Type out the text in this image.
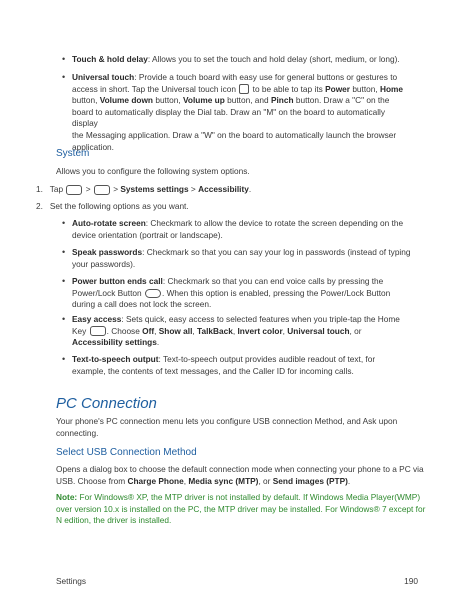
• Touch & hold delay: Allows you to set the touch and hold delay (short, medium, or long).
• Universal touch: Provide a touch board with easy use for general buttons or gestures to
access in short. Tap the Universal touch icon to be able to tap its Power button, Home
button, Volume down button, Volume up button, and Pinch button. Draw a "C" on the
board to automatically display the Dial tab. Draw an "M" on the board to automatically display
the Messaging application. Draw a "W" on the board to automatically launch the browser
application.
System
Allows you to configure the following system options.
1. Tap	>	> Systems settings > Accessibility.
2. Set the following options as you want.
• Auto-rotate screen: Checkmark to allow the device to rotate the screen depending on the
device orientation (portrait or landscape).
• Speak passwords: Checkmark so that you can say your log in passwords (instead of typing
your passwords).
• Power button ends call: Checkmark so that you can end voice calls by pressing the
Power/Lock Button . When this option is enabled, pressing the Power/Lock Button
during a call does not lock the screen.
• Easy access: Sets quick, easy access to selected features when you triple-tap the Home
Key . Choose Off, Show all, TalkBack, Invert color, Universal touch, or
Accessibility settings.
• Text-to-speech output: Text-to-speech output provides audible readout of text, for
example, the contents of text messages, and the Caller ID for incoming calls.
PC Connection
Your phone's PC connection menu lets you configure USB connection Method, and Ask upon
connecting.
Select USB Connection Method
Opens a dialog box to choose the default connection mode when connecting your phone to a PC via
USB. Choose from Charge Phone, Media sync (MTP), or Send images (PTP).
Note: For Windows® XP, the MTP driver is not installed by default. If Windows Media Player(WMP)
over version 10.x is installed on the PC, the MTP driver may be installed. For Windows® 7 except for
N edition, the driver is installed.
Settings	190
